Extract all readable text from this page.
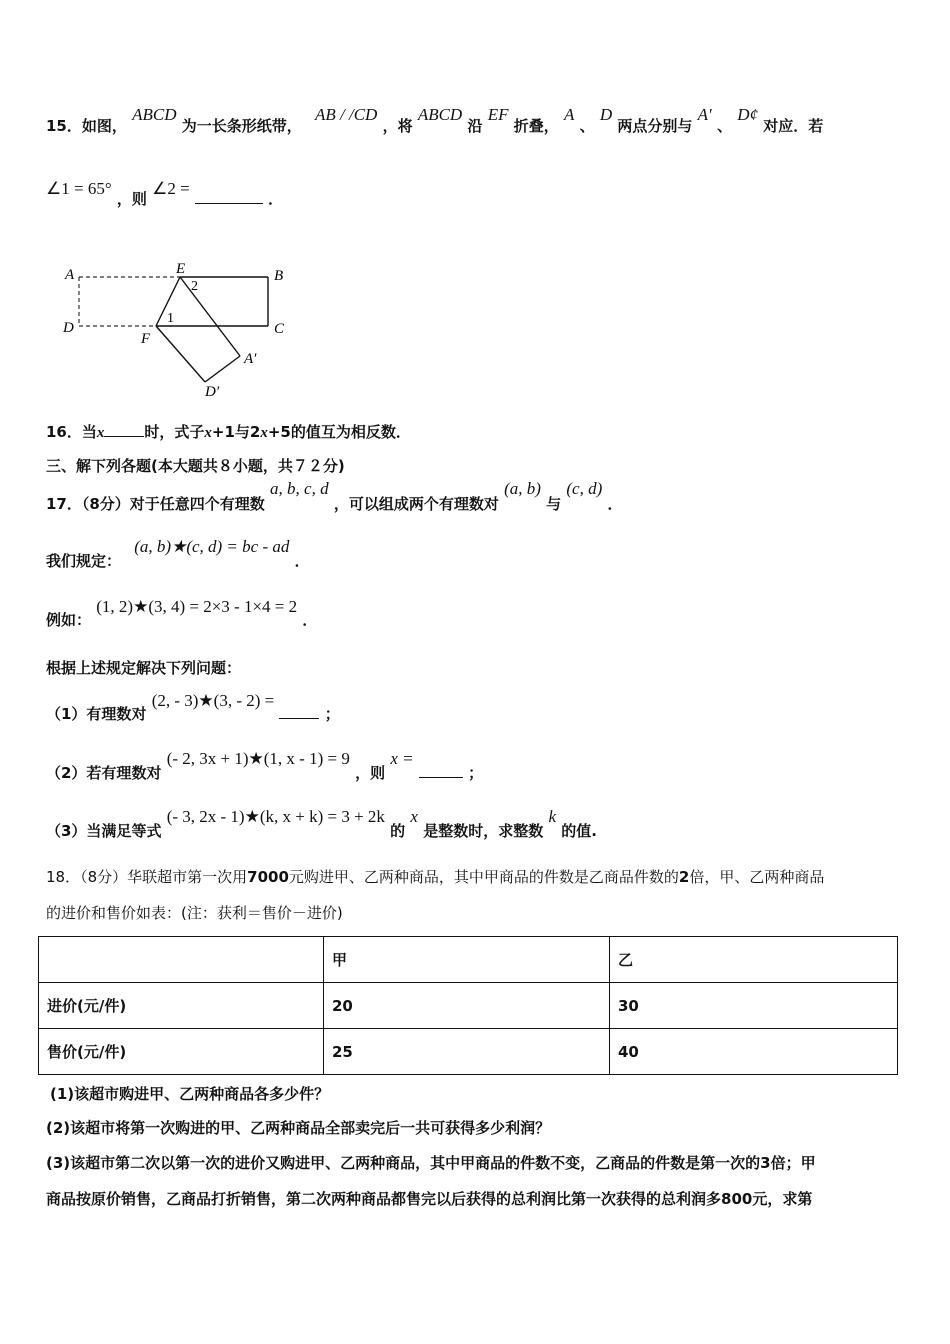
15．如图， ABCD 为一长条形纸带， AB / /CD ，将 ABCD 沿 EF 折叠， A 、 D 两点分别与 A′ 、 D¢ 对应．若
∠1 = 65° ，则 ∠2 =  ．
A	E	B
2
D
1
C
F
A′
D′
16．当x	时，式子x+1与2x+5的值互为相反数．
三、解下列各题(本大题共８小题，共７２分)
17．（8分）对于任意四个有理数 a, b, c, d ，可以组成两个有理数对 (a, b) 与 (c, d) ．
我们规定： (a, b)★(c, d) = bc - ad ．
例如： (1, 2)★(3, 4) = 2×3 - 1×4 = 2 ．
根据上述规定解决下列问题：
（1）有理数对 (2, - 3)★(3, - 2) =  ；
（2）若有理数对 (- 2, 3x + 1)★(1, x - 1) = 9 ，则 x =  ；
（3）当满足等式 (- 3, 2x - 1)★(k, x + k) = 3 + 2k 的 x 是整数时，求整数 k 的值.
18．（8分）华联超市第一次用7000元购进甲、乙两种商品，其中甲商品的件数是乙商品件数的2倍，甲、乙两种商品
的进价和售价如表：(注：获利＝售价－进价)
	甲	乙
进价(元/件)	20	30
售价(元/件)	25	40
(1)该超市购进甲、乙两种商品各多少件？
(2)该超市将第一次购进的甲、乙两种商品全部卖完后一共可获得多少利润？
(3)该超市第二次以第一次的进价又购进甲、乙两种商品，其中甲商品的件数不变，乙商品的件数是第一次的3倍；甲
商品按原价销售，乙商品打折销售，第二次两种商品都售完以后获得的总利润比第一次获得的总利润多800元，求第
